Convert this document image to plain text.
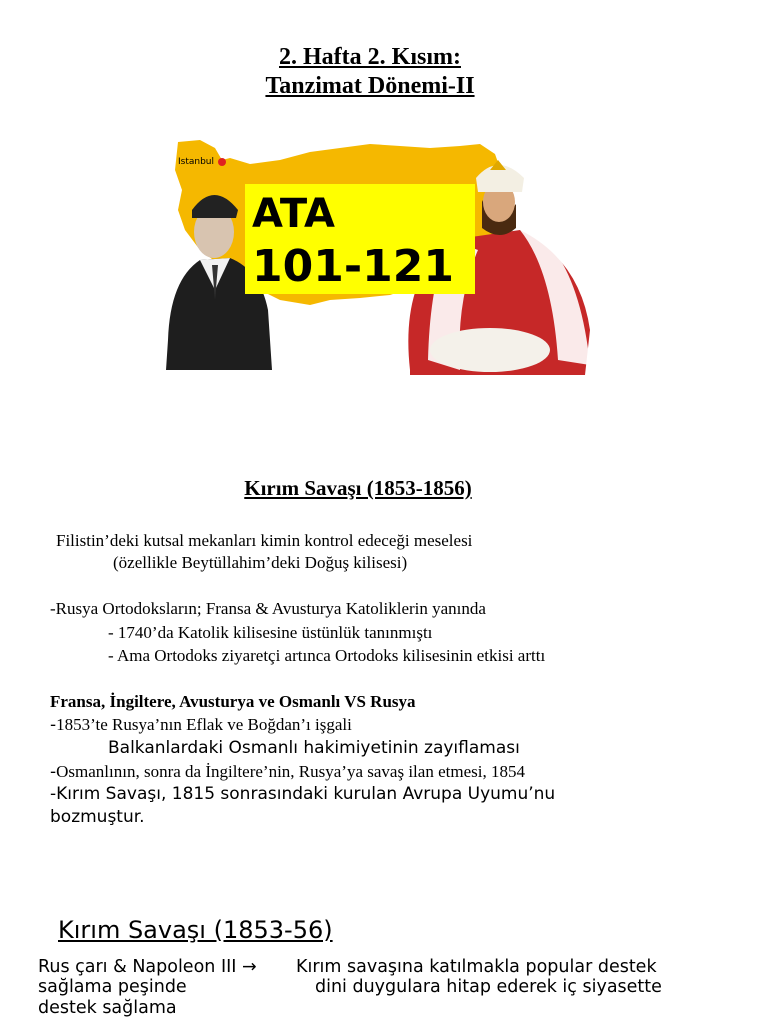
2. Hafta 2. Kısım:
Tanzimat Dönemi-II
Istanbul
ATA
101-121
Kırım Savaşı (1853-1856)
Filistin’deki kutsal mekanları kimin kontrol edeceği meselesi
(özellikle Beytüllahim’deki Doğuş kilisesi)
-Rusya Ortodoksların; Fransa & Avusturya Katoliklerin yanında
- 1740’da Katolik kilisesine üstünlük tanınmıştı
- Ama Ortodoks ziyaretçi artınca Ortodoks kilisesinin etkisi arttı
Fransa, İngiltere, Avusturya ve Osmanlı VS Rusya
-1853’te Rusya’nın Eflak ve Boğdan’ı işgali
Balkanlardaki Osmanlı hakimiyetinin zayıflaması
-Osmanlının, sonra da İngiltere’nin, Rusya’ya savaş ilan etmesi, 1854
-Kırım Savaşı, 1815 sonrasındaki kurulan Avrupa Uyumu’nu
bozmuştur.
Kırım Savaşı (1853-56)
Rus çarı & Napoleon III →
sağlama peşinde
destek sağlama
Kırım savaşına katılmakla popular destek
dini duygulara hitap ederek iç siyasette
